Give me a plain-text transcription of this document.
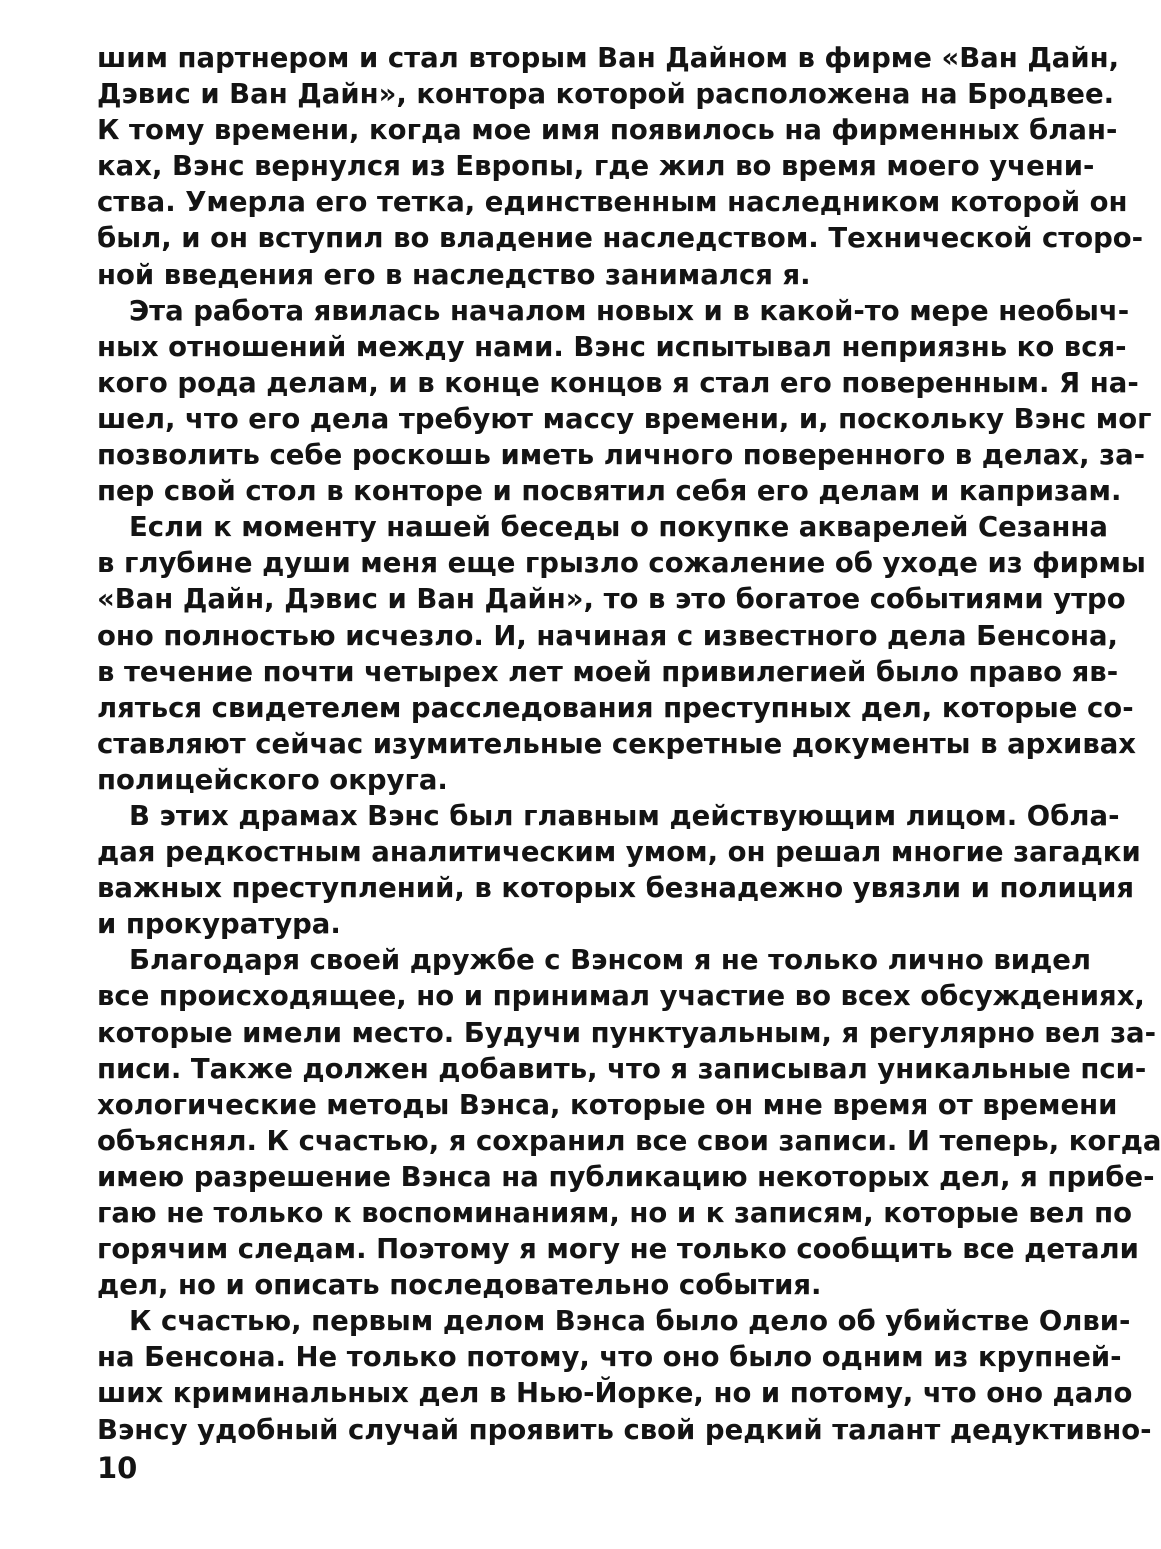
шим партнером и стал вторым Ван Дайном в фирме «Ван Дайн,
Дэвис и Ван Дайн», контора которой расположена на Бродвее.
К тому времени, когда мое имя появилось на фирменных блан-
ках, Вэнс вернулся из Европы, где жил во время моего учени-
ства. Умерла его тетка, единственным наследником которой он
был, и он вступил во владение наследством. Технической сторо-
ной введения его в наследство занимался я.
Эта работа явилась началом новых и в какой-то мере необыч-
ных отношений между нами. Вэнс испытывал неприязнь ко вся-
кого рода делам, и в конце концов я стал его поверенным. Я на-
шел, что его дела требуют массу времени, и, поскольку Вэнс мог
позволить себе роскошь иметь личного поверенного в делах, за-
пер свой стол в конторе и посвятил себя его делам и капризам.
Если к моменту нашей беседы о покупке акварелей Сезанна
в глубине души меня еще грызло сожаление об уходе из фирмы
«Ван Дайн, Дэвис и Ван Дайн», то в это богатое событиями утро
оно полностью исчезло. И, начиная с известного дела Бенсона,
в течение почти четырех лет моей привилегией было право яв-
ляться свидетелем расследования преступных дел, которые со-
ставляют сейчас изумительные секретные документы в архивах
полицейского округа.
В этих драмах Вэнс был главным действующим лицом. Обла-
дая редкостным аналитическим умом, он решал многие загадки
важных преступлений, в которых безнадежно увязли и полиция
и прокуратура.
Благодаря своей дружбе с Вэнсом я не только лично видел
все происходящее, но и принимал участие во всех обсуждениях,
которые имели место. Будучи пунктуальным, я регулярно вел за-
писи. Также должен добавить, что я записывал уникальные пси-
хологические методы Вэнса, которые он мне время от времени
объяснял. К счастью, я сохранил все свои записи. И теперь, когда
имею разрешение Вэнса на публикацию некоторых дел, я прибе-
гаю не только к воспоминаниям, но и к записям, которые вел по
горячим следам. Поэтому я могу не только сообщить все детали
дел, но и описать последовательно события.
К счастью, первым делом Вэнса было дело об убийстве Олви-
на Бенсона. Не только потому, что оно было одним из крупней-
ших криминальных дел в Нью-Йорке, но и потому, что оно дало
Вэнсу удобный случай проявить свой редкий талант дедуктивно-
10
